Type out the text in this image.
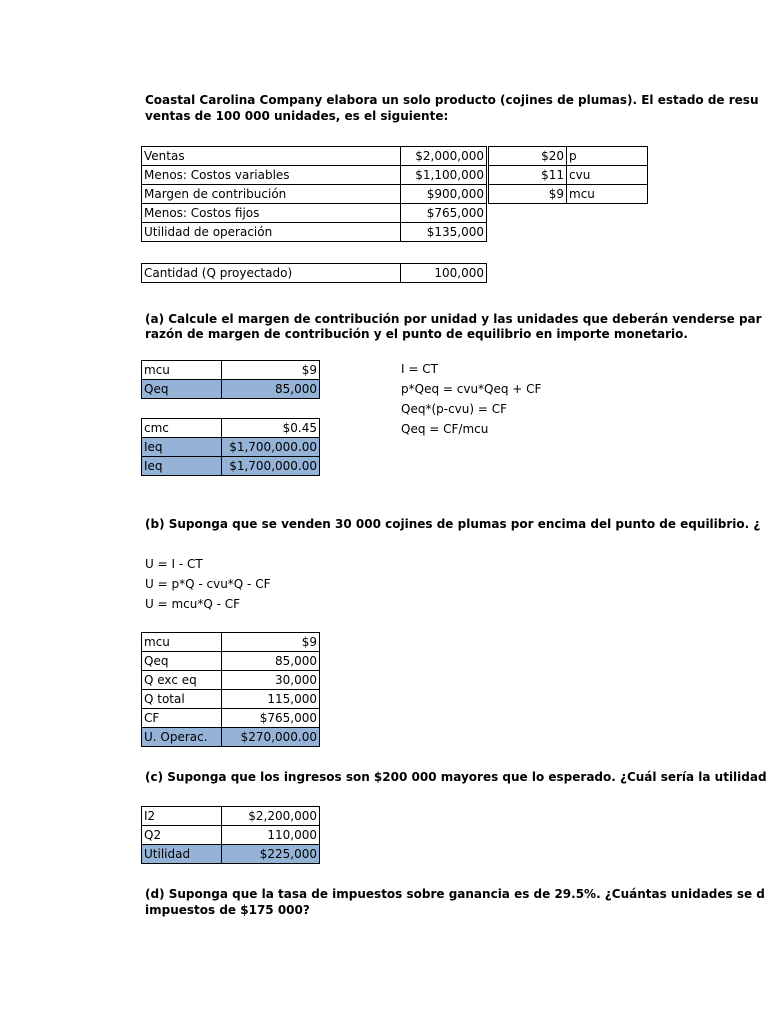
Coastal Carolina Company elabora un solo producto (cojines de plumas). El estado de resu
ventas de 100 000 unidades, es el siguiente:
Ventas	$2,000,000
Menos: Costos variables	$1,100,000
Margen de contribución	$900,000
Menos: Costos fijos	$765,000
Utilidad de operación	$135,000
$20	p
$11	cvu
$9	mcu
Cantidad (Q proyectado)	100,000
(a) Calcule el margen de contribución por unidad y las unidades que deberán venderse par
razón de margen de contribución y el punto de equilibrio en importe monetario.
mcu	$9
Qeq	85,000
cmc	$0.45
Ieq	$1,700,000.00
Ieq	$1,700,000.00
I = CT
p*Qeq = cvu*Qeq + CF
Qeq*(p-cvu) = CF
Qeq = CF/mcu
(b) Suponga que se venden 30 000 cojines de plumas por encima del punto de equilibrio. ¿
U = I - CT
U = p*Q - cvu*Q - CF
U = mcu*Q - CF
mcu	$9
Qeq	85,000
Q exc eq	30,000
Q total	115,000
CF	$765,000
U. Operac.	$270,000.00
(c) Suponga que los ingresos son $200 000 mayores que lo esperado. ¿Cuál sería la utilidad
I2	$2,200,000
Q2	110,000
Utilidad	$225,000
(d) Suponga que la tasa de impuestos sobre ganancia es de 29.5%. ¿Cuántas unidades se d
impuestos de $175 000?
